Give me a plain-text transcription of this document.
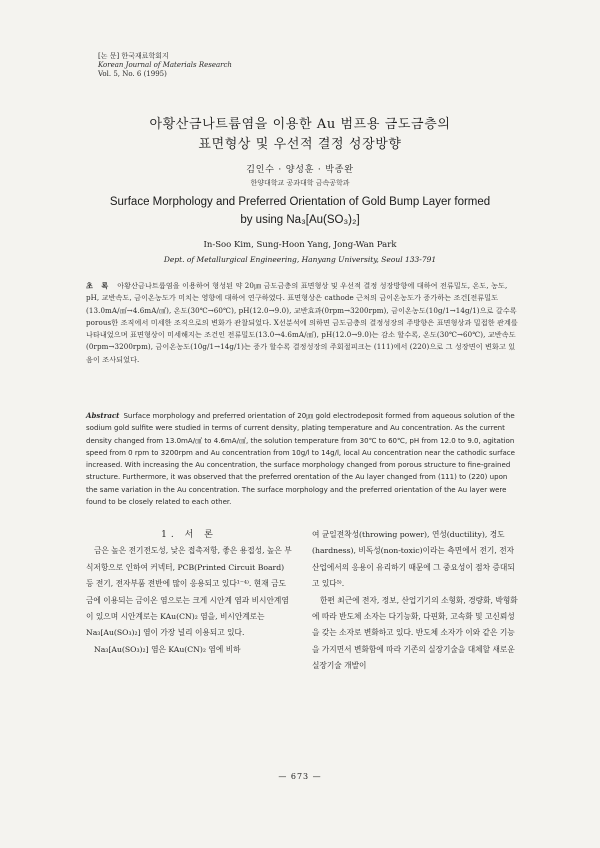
[논 문] 한국재료학회지
Korean Journal of Materials Research
Vol. 5, No. 6 (1995)
아황산금나트륨염을 이용한 Au 범프용 금도금층의
표면형상 및 우선적 결정 성장방향
김인수 · 양성훈 · 박종완
한양대학교 공과대학 금속공학과
Surface Morphology and Preferred Orientation of Gold Bump Layer formed
by using Na₃[Au(SO₃)₂]
In-Soo Kim, Sung-Hoon Yang, Jong-Wan Park
Dept. of Metallurgical Engineering, Hanyang University, Seoul 133-791
초 록 아황산금나트륨염을 이용하여 형성된 약 20㎛ 금도금층의 표면형상 및 우선적 결정 성장방향에 대하여 전류밀도, 온도, 농도, pH, 교반속도, 금이온농도가 미치는 영향에 대하여 연구하였다. 표면형상은 cathode 근처의 금이온농도가 증가하는 조건[전류밀도(13.0mA/㎠→4.6mA/㎠), 온도(30℃→60℃), pH(12.0→9.0), 교반효과(0rpm→3200rpm), 금이온농도(10g/1→14g/1)으로 갈수록 porous한 조직에서 미세한 조직으로의 변화가 관찰되었다. X선분석에 의하면 금도금층의 결정성장의 주방향은 표면형상과 밀접한 관계를 나타내었으며 표면형상이 미세해지는 조건인 전류밀도(13.0→4.6mA/㎠), pH(12.0→9.0)는 감소 할수록, 온도(30℃→60℃), 교반속도(0rpm→3200rpm), 금이온농도(10g/1→14g/1)는 증가 할수록 결정성장의 주회절피크는 (111)에서 (220)으로 그 성장면이 변화고 있음이 조사되었다.
Abstract Surface morphology and preferred orientation of 20㎛ gold electrodeposit formed from aqueous solution of the sodium gold sulfite were studied in terms of current density, plating temperature and Au concentration. As the current density changed from 13.0mA/㎠ to 4.6mA/㎠, the solution temperature from 30℃ to 60℃, pH from 12.0 to 9.0, agitation speed from 0 rpm to 3200rpm and Au concentration from 10g/l to 14g/l, local Au concentration near the cathodic surface increased. With increasing the Au concentration, the surface morphology changed from porous structure to fine-grained structure. Furthermore, it was observed that the preferred orentation of the Au layer changed from (111) to (220) upon the same variation in the Au concentration. The surface morphology and the preferred orientation of the Au layer were found to be closely related to each other.

1. 서 론

금은 높은 전기전도성, 낮은 접촉저항, 좋은 용접성, 높은 부식저항으로 인하여 커넥터, PCB(Printed Circuit Board) 등 전기, 전자부품 전반에 많이 응용되고 있다¹⁻⁴⁾. 현재 금도금에 이용되는 금이온 염으로는 크게 시안계 염과 비시안계염이 있으며 시안계로는 KAu(CN)₂ 염을, 비시안계로는 Na₃[Au(SO₃)₂] 염이 가장 널리 이용되고 있다.

Na₃[Au(SO₃)₂] 염은 KAu(CN)₂ 염에 비하

여 균일전착성(throwing power), 연성(ductility), 경도(hardness), 비독성(non-toxic)이라는 측면에서 전기, 전자 산업에서의 응용이 유리하기 때문에 그 중요성이 점차 증대되고 있다⁵⁾.

한편 최근에 전자, 정보, 산업기기의 소형화, 경량화, 박형화에 따라 반도체 소자는 다기능화, 다핀화, 고속화 및 고신뢰성을 갖는 소자로 변화하고 있다. 반도체 소자가 이와 같은 기능을 가지면서 변화함에 따라 기존의 실장기술을 대체할 새로운 실장기술 개발이

— 673 —
